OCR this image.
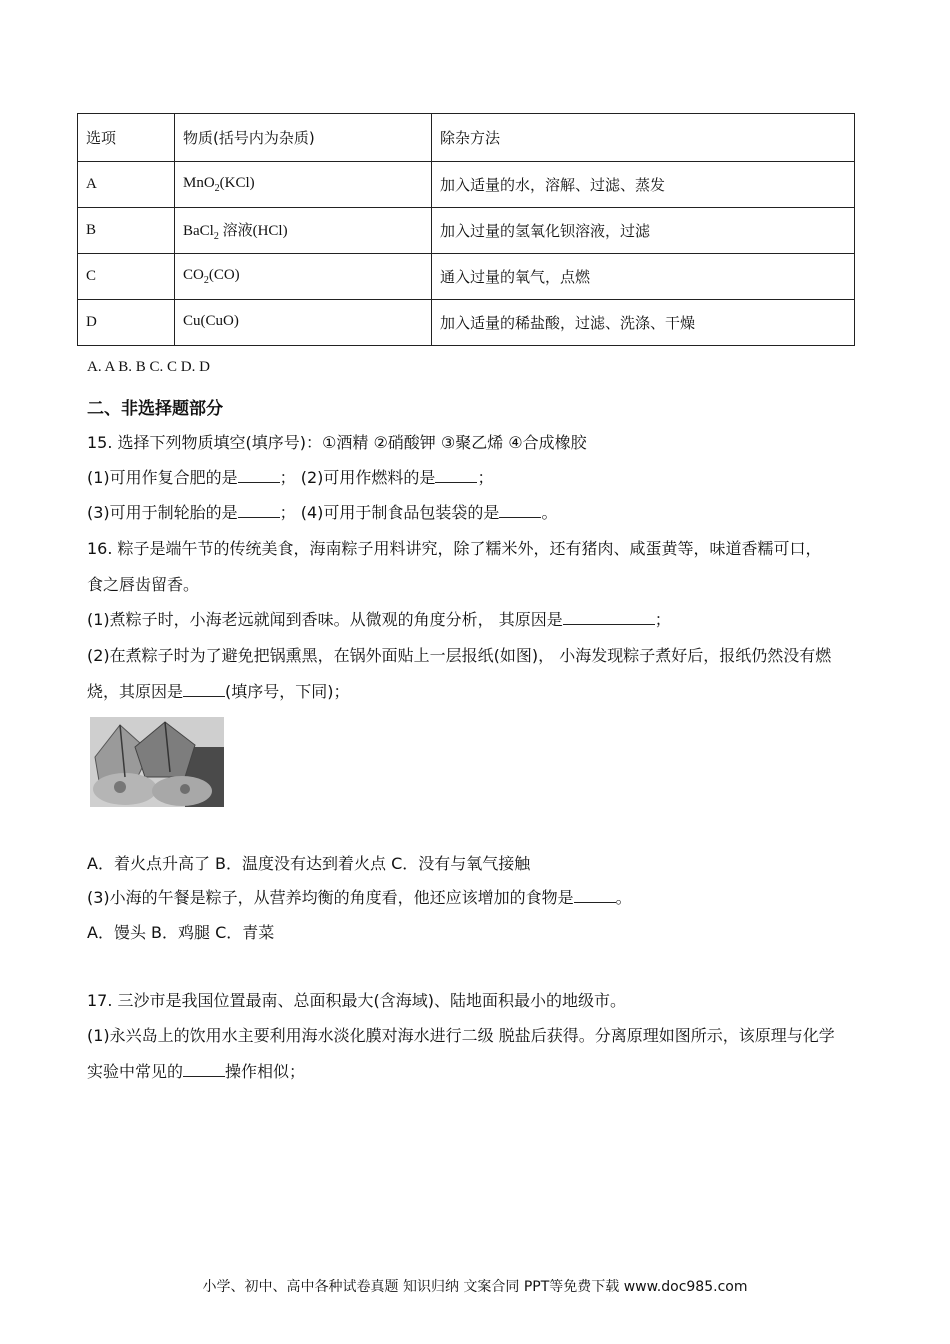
选项	物质(括号内为杂质)	除杂方法
A	MnO$_2$(KCl)	加入适量的水，溶解、过滤、蒸发
B	BaCl$_2$ 溶液(HCl)	加入过量的氢氧化钡溶液，过滤
C	$CO_2(CO)$	通入过量的氧气，点燃
D	Cu(CuO)	加入适量的稀盐酸，过滤、洗涤、干燥
A. A B. B C. C D. D
二、非选择题部分
15. 选择下列物质填空(填序号)：①酒精 ②硝酸钾 ③聚乙烯 ④合成橡胶
(1)可用作复合肥的是	； (2)可用作燃料的是	；
(3)可用于制轮胎的是	； (4)可用于制食品包装袋的是	。
16. 粽子是端午节的传统美食，海南粽子用料讲究，除了糯米外，还有猪肉、咸蛋黄等，味道香糯可口，
食之唇齿留香。
(1)煮粽子时，小海老远就闻到香味。从微观的角度分析， 其原因是	；
(2)在煮粽子时为了避免把锅熏黑，在锅外面贴上一层报纸(如图)， 小海发现粽子煮好后，报纸仍然没有燃
烧，其原因是	(填序号，下同)；
A．着火点升高了 B．温度没有达到着火点 C．没有与氧气接触
(3)小海的午餐是粽子，从营养均衡的角度看，他还应该增加的食物是	。
A．馒头 B．鸡腿 C．青菜
17. 三沙市是我国位置最南、总面积最大(含海域)、陆地面积最小的地级市。
(1)永兴岛上的饮用水主要利用海水淡化膜对海水进行二级 脱盐后获得。分离原理如图所示，该原理与化学
实验中常见的	操作相似；
小学、初中、高中各种试卷真题 知识归纳 文案合同 PPT等免费下载 www.doc985.com
